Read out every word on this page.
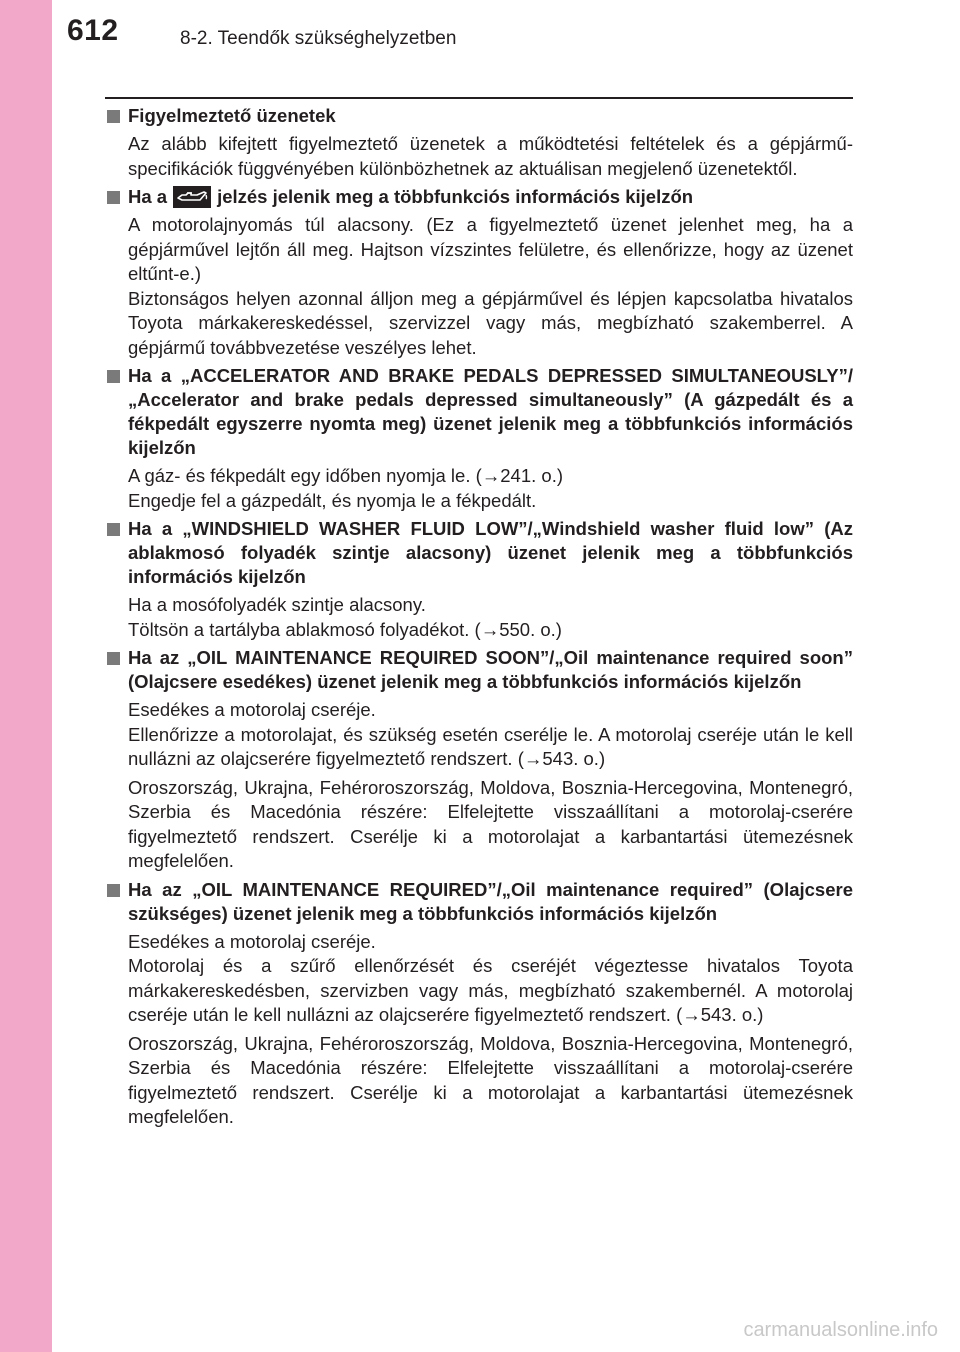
612	8-2. Teendők szükséghelyzetben
Figyelmeztető üzenetek

Az alább kifejtett figyelmeztető üzenetek a működtetési feltételek és a gépjármű-specifikációk függvényében különbözhetnek az aktuálisan megjelenő üzenetektől.

Ha a	jelzés jelenik meg a többfunkciós információs kijelzőn

A motorolajnyomás túl alacsony. (Ez a figyelmeztető üzenet jelenhet meg, ha a gépjárművel lejtőn áll meg. Hajtson vízszintes felületre, és ellenőrizze, hogy az üzenet eltűnt-e.)

Biztonságos helyen azonnal álljon meg a gépjárművel és lépjen kapcsolatba hivatalos Toyota márkakereskedéssel, szervizzel vagy más, megbízható szakemberrel. A gépjármű továbbvezetése veszélyes lehet.

Ha a „ACCELERATOR AND BRAKE PEDALS DEPRESSED SIMULTANEOUSLY”/„Accelerator and brake pedals depressed simultaneously” (A gázpedált és a fékpedált egyszerre nyomta meg) üzenet jelenik meg a többfunkciós információs kijelzőn

A gáz- és fékpedált egy időben nyomja le. (→241. o.)

Engedje fel a gázpedált, és nyomja le a fékpedált.

Ha a „WINDSHIELD WASHER FLUID LOW”/„Windshield washer fluid low” (Az ablakmosó folyadék szintje alacsony) üzenet jelenik meg a többfunkciós információs kijelzőn

Ha a mosófolyadék szintje alacsony.

Töltsön a tartályba ablakmosó folyadékot. (→550. o.)

Ha az „OIL MAINTENANCE REQUIRED SOON”/„Oil maintenance required soon” (Olajcsere esedékes) üzenet jelenik meg a többfunkciós információs kijelzőn

Esedékes a motorolaj cseréje.

Ellenőrizze a motorolajat, és szükség esetén cserélje le. A motorolaj cseréje után le kell nullázni az olajcserére figyelmeztető rendszert. (→543. o.)

Oroszország, Ukrajna, Fehéroroszország, Moldova, Bosznia-Hercegovina, Montenegró, Szerbia és Macedónia részére: Elfelejtette visszaállítani a motorolaj-cserére figyelmeztető rendszert. Cserélje ki a motorolajat a karbantartási ütemezésnek megfelelően.

Ha az „OIL MAINTENANCE REQUIRED”/„Oil maintenance required” (Olajcsere szükséges) üzenet jelenik meg a többfunkciós információs kijelzőn

Esedékes a motorolaj cseréje.

Motorolaj és a szűrő ellenőrzését és cseréjét végeztesse hivatalos Toyota márkakereskedésben, szervizben vagy más, megbízható szakembernél. A motorolaj cseréje után le kell nullázni az olajcserére figyelmeztető rendszert. (→543. o.)

Oroszország, Ukrajna, Fehéroroszország, Moldova, Bosznia-Hercegovina, Montenegró, Szerbia és Macedónia részére: Elfelejtette visszaállítani a motorolaj-cserére figyelmeztető rendszert. Cserélje ki a motorolajat a karbantartási ütemezésnek megfelelően.

carmanualsonline.info
